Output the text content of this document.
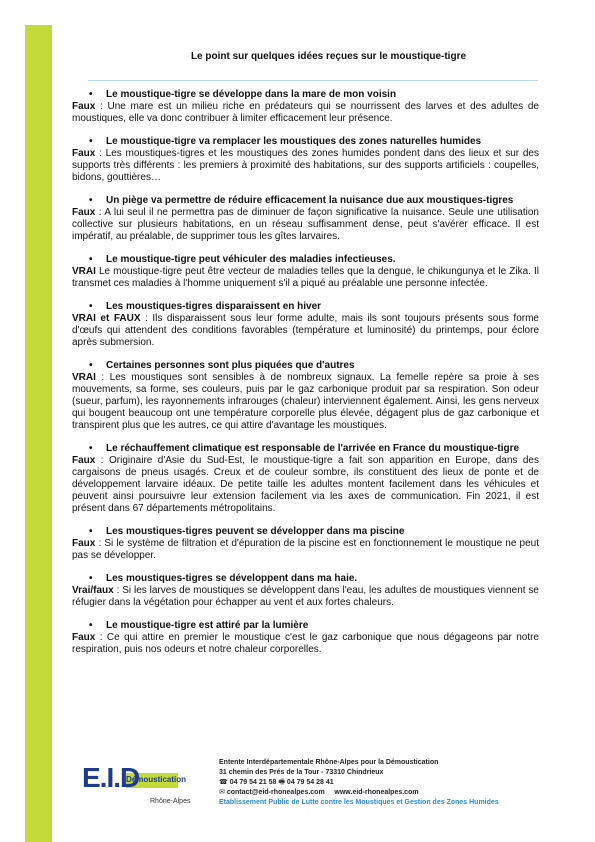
Le point sur quelques idées reçues sur le moustique-tigre
• Le moustique-tigre se développe dans la mare de mon voisin
Faux : Une mare est un milieu riche en prédateurs qui se nourrissent des larves et des adultes de moustiques, elle va donc contribuer à limiter efficacement leur présence.
• Le moustique-tigre va remplacer les moustiques des zones naturelles humides
Faux : Les moustiques-tigres et les moustiques des zones humides pondent dans des lieux et sur des supports très différents : les premiers à proximité des habitations, sur des supports artificiels : coupelles, bidons, gouttières…
• Un piège va permettre de réduire efficacement la nuisance due aux moustiques-tigres
Faux : A lui seul il ne permettra pas de diminuer de façon significative la nuisance. Seule une utilisation collective sur plusieurs habitations, en un réseau suffisamment dense, peut s'avérer efficace. Il est impératif, au préalable, de supprimer tous les gîtes larvaires.
• Le moustique-tigre peut véhiculer des maladies infectieuses.
VRAI Le moustique-tigre peut être vecteur de maladies telles que la dengue, le chikungunya et le Zika. Il transmet ces maladies à l'homme uniquement s'il a piqué au préalable une personne infectée.
• Les moustiques-tigres disparaissent en hiver
VRAI et FAUX : Ils disparaissent sous leur forme adulte, mais ils sont toujours présents sous forme d'œufs qui attendent des conditions favorables (température et luminosité) du printemps, pour éclore après submersion.
• Certaines personnes sont plus piquées que d'autres
VRAI : Les moustiques sont sensibles à de nombreux signaux. La femelle repère sa proie à ses mouvements, sa forme, ses couleurs, puis par le gaz carbonique produit par sa respiration. Son odeur (sueur, parfum), les rayonnements infrarouges (chaleur) interviennent également. Ainsi, les gens nerveux qui bougent beaucoup ont une température corporelle plus élevée, dégagent plus de gaz carbonique et transpirent plus que les autres, ce qui attire d'avantage les moustiques.
• Le réchauffement climatique est responsable de l'arrivée en France du moustique-tigre
Faux : Originaire d'Asie du Sud-Est, le moustique-tigre a fait son apparition en Europe, dans des cargaisons de pneus usagés. Creux et de couleur sombre, ils constituent des lieux de ponte et de développement larvaire idéaux. De petite taille les adultes montent facilement dans les véhicules et peuvent ainsi poursuivre leur extension facilement via les axes de communication. Fin 2021, il est présent dans 67 départements métropolitains.
• Les moustiques-tigres peuvent se développer dans ma piscine
Faux : Si le système de filtration et d'épuration de la piscine est en fonctionnement le moustique ne peut pas se développer.
• Les moustiques-tigres se développent dans ma haie.
Vrai/faux : Si les larves de moustiques se développent dans l'eau, les adultes de moustiques viennent se réfugier dans la végétation pour échapper au vent et aux fortes chaleurs.
• Le moustique-tigre est attiré par la lumière
Faux : Ce qui attire en premier le moustique c'est le gaz carbonique que nous dégageons par notre respiration, puis nos odeurs et notre chaleur corporelles.
E.I.D
Démoustication
Rhône-Alpes
Entente Interdépartementale Rhône-Alpes pour la Démoustication
31 chemin des Prés de la Tour - 73310 Chindrieux
☎ 04 79 54 21 58 🖷 04 79 54 28 41
✉ contact@eid-rhonealpes.com www.eid-rhonealpes.com
Etablissement Public de Lutte contre les Moustiques et Gestion des Zones Humides
